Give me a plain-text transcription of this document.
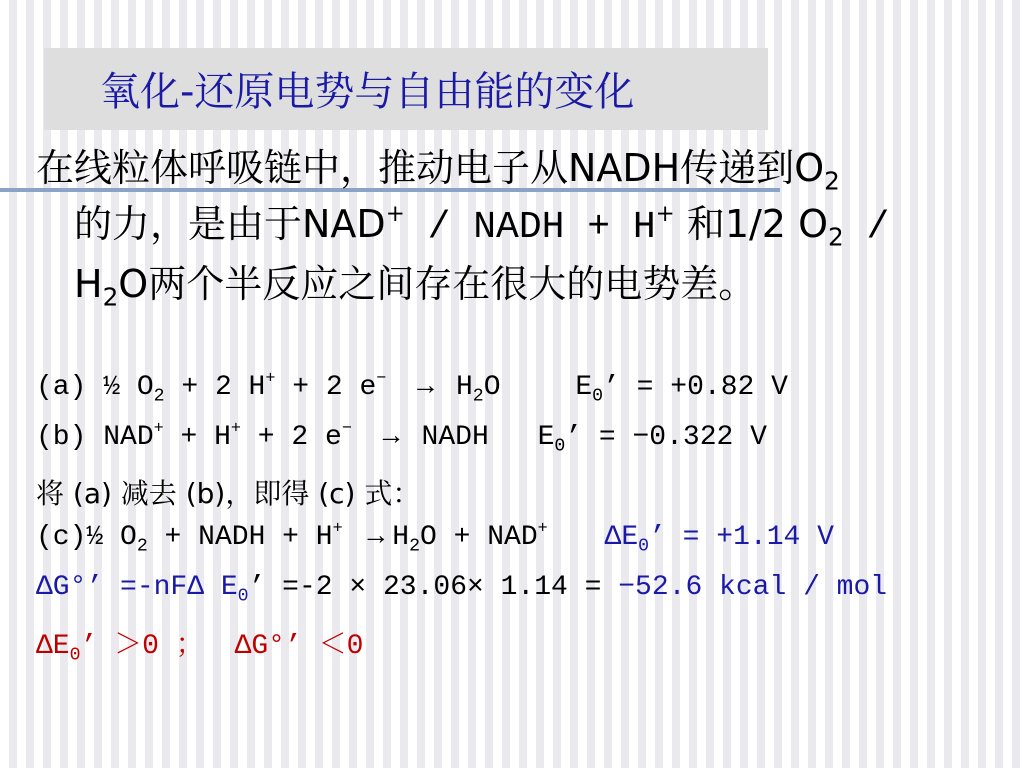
氧化-还原电势与自由能的变化
在线粒体呼吸链中，推动电子从NADH传递到$O_2$
的力，是由于NAD+ / NADH + H+ 和1/2 $O_2$ /
$H_2O$两个半反应之间存在很大的电势差。
(a) ½ $O_2 + 2$ H+ + 2 $e^- \to H_2O$	$E_0$’ = +0.82 V
(b) NAD+ + H+ + 2 e− → NADH $E_0$’ = −0.322 V
将 (a) 减去 (b)，即得 (c) 式：
(c)½ $O_2$ + NADH + $H^+ \to H_2O + NAD^+$ $\Delta E_0$’ = +1.14 V
ΔG°’ =-nFΔ $E_0$’ =-2 × 23.06× 1.14 = −52.6 kcal / mol
$\Delta E_0$’ ＞0 ； ΔG°’ ＜0
